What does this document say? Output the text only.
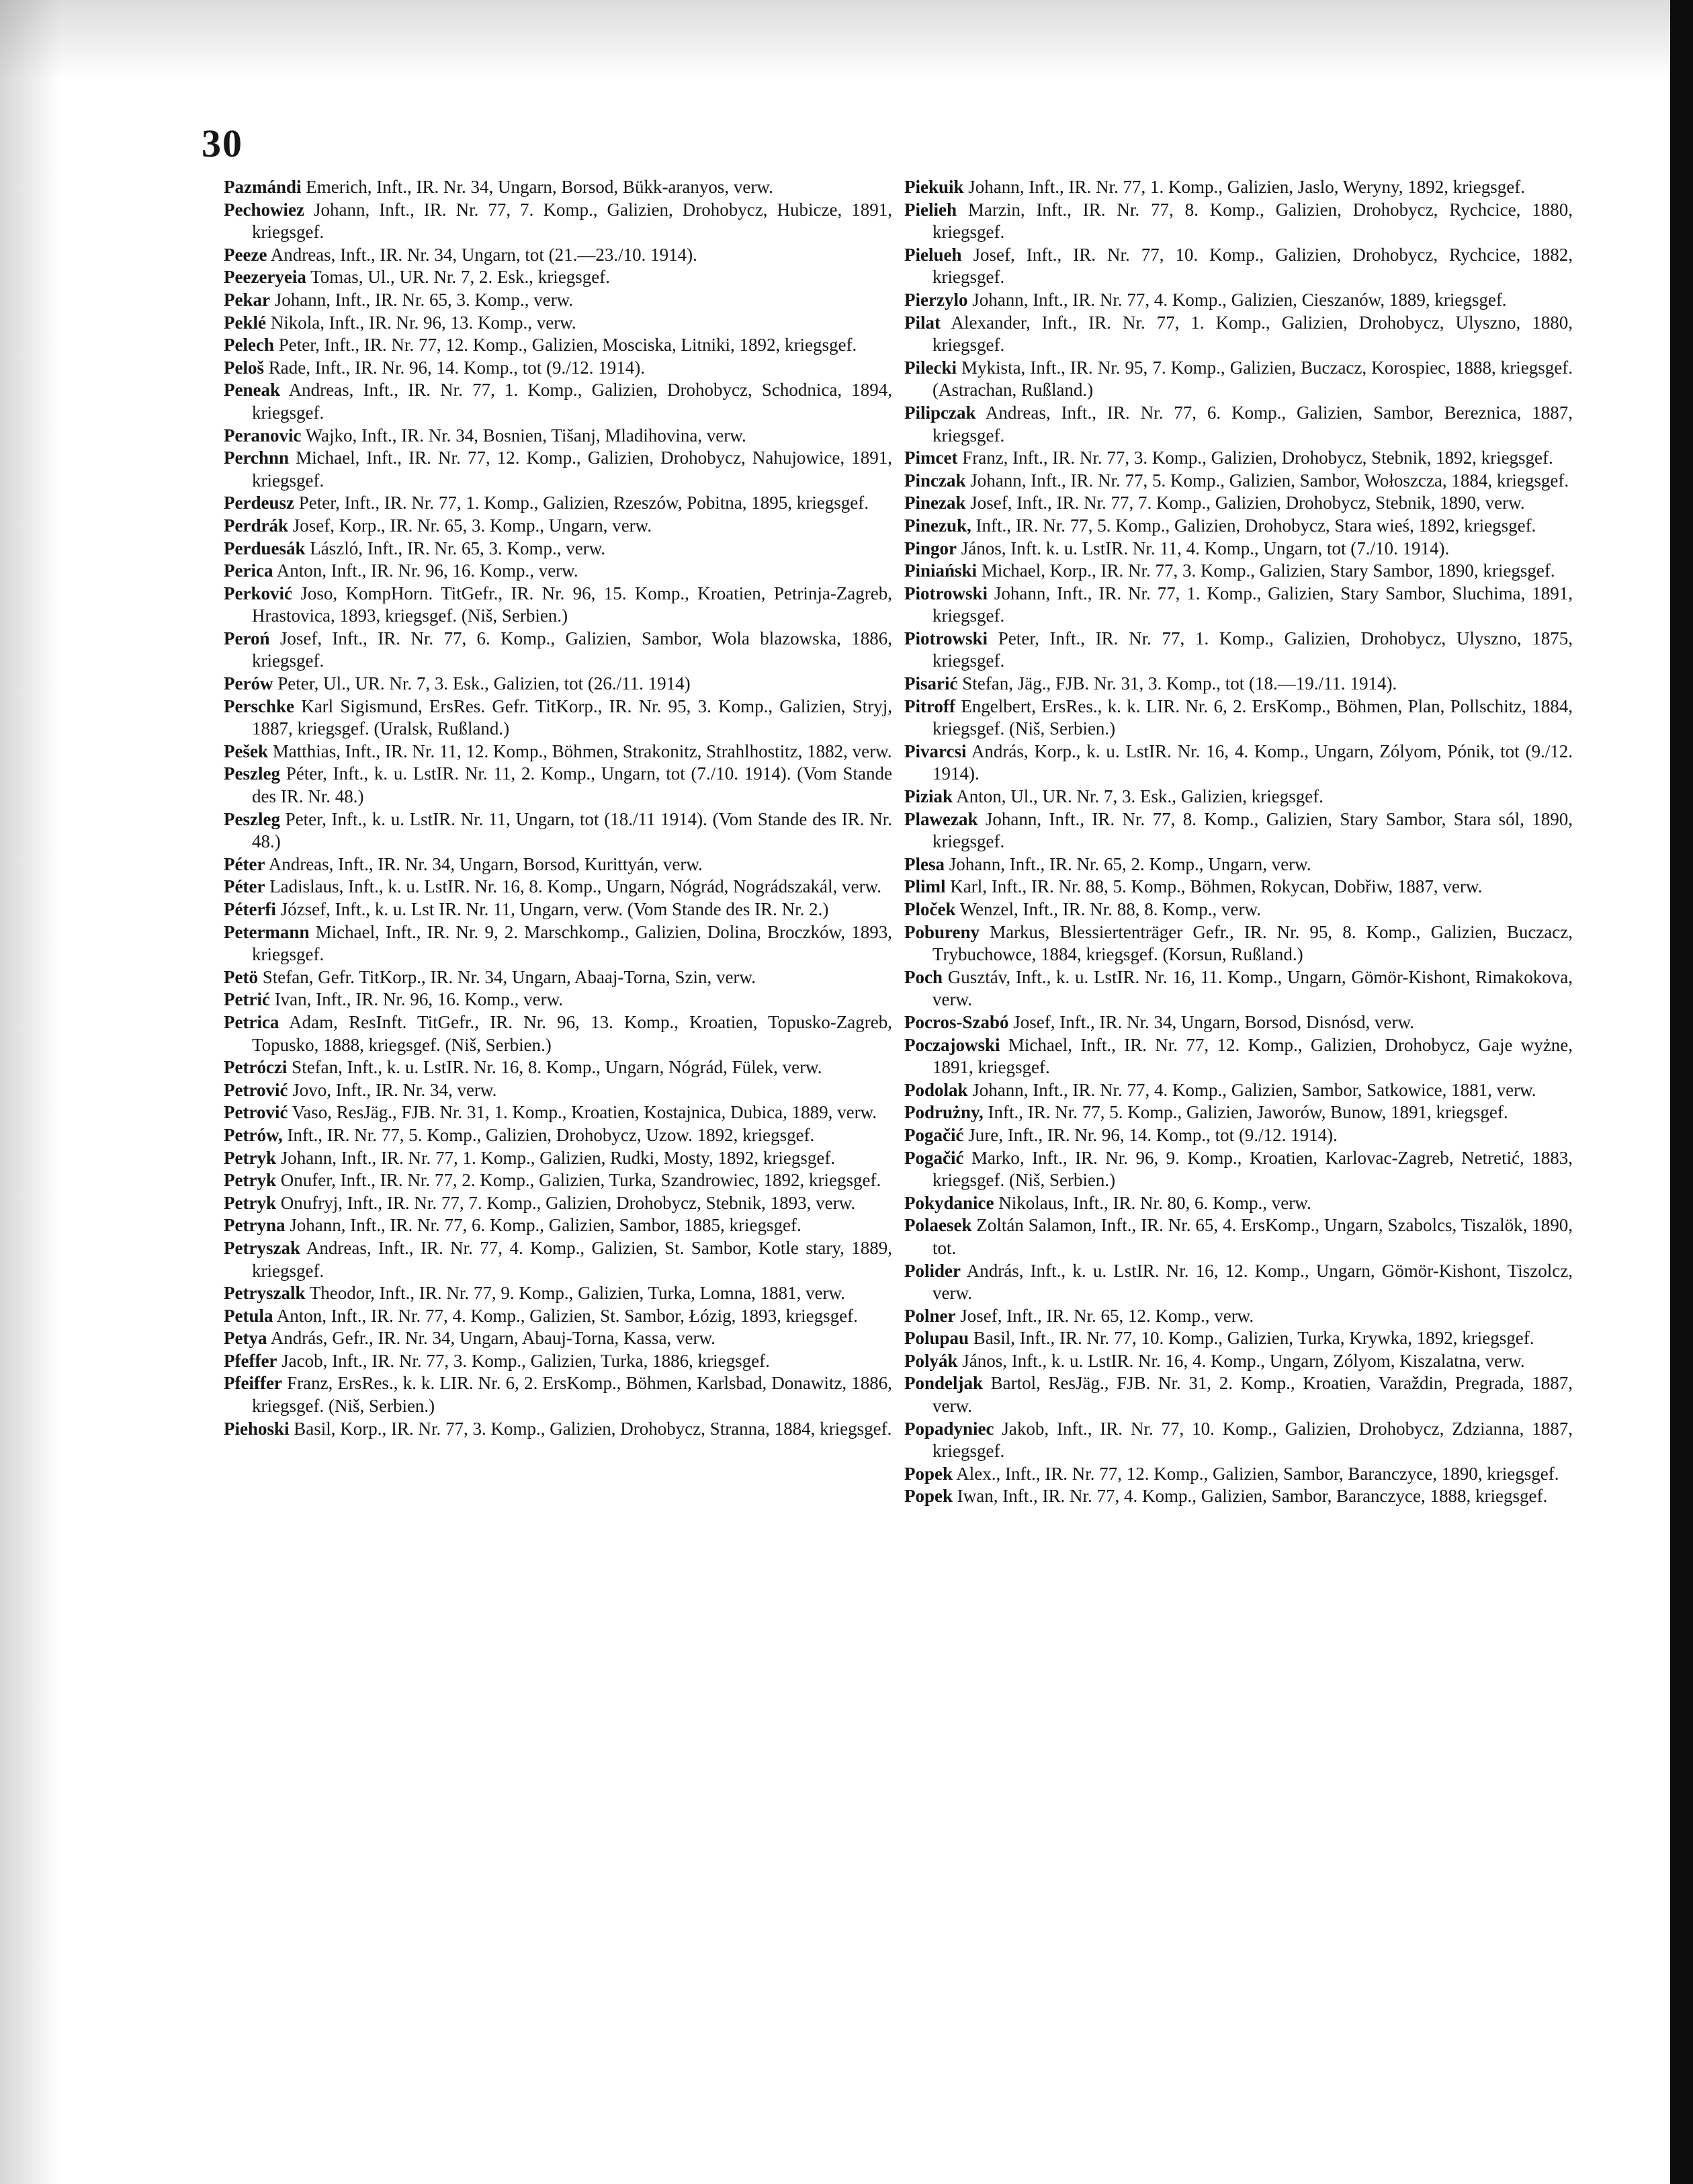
30

Pazmándi Emerich, Inft., IR. Nr. 34, Ungarn, Borsod, Bükk-aranyos, verw.

Pechowiez Johann, Inft., IR. Nr. 77, 7. Komp., Galizien, Drohobycz, Hubicze, 1891, kriegsgef.

Peeze Andreas, Inft., IR. Nr. 34, Ungarn, tot (21.—23./10. 1914).

Peezeryeia Tomas, Ul., UR. Nr. 7, 2. Esk., kriegsgef.

Pekar Johann, Inft., IR. Nr. 65, 3. Komp., verw.

Peklé Nikola, Inft., IR. Nr. 96, 13. Komp., verw.

Pelech Peter, Inft., IR. Nr. 77, 12. Komp., Galizien, Mosciska, Litniki, 1892, kriegsgef.

Peloš Rade, Inft., IR. Nr. 96, 14. Komp., tot (9./12. 1914).

Peneak Andreas, Inft., IR. Nr. 77, 1. Komp., Galizien, Drohobycz, Schodnica, 1894, kriegsgef.

Peranovic Wajko, Inft., IR. Nr. 34, Bosnien, Tišanj, Mladihovina, verw.

Perchnn Michael, Inft., IR. Nr. 77, 12. Komp., Galizien, Drohobycz, Nahujowice, 1891, kriegsgef.

Perdeusz Peter, Inft., IR. Nr. 77, 1. Komp., Galizien, Rzeszów, Pobitna, 1895, kriegsgef.

Perdrák Josef, Korp., IR. Nr. 65, 3. Komp., Ungarn, verw.

Perduesák László, Inft., IR. Nr. 65, 3. Komp., verw.

Perica Anton, Inft., IR. Nr. 96, 16. Komp., verw.

Perković Joso, KompHorn. TitGefr., IR. Nr. 96, 15. Komp., Kroatien, Petrinja-Zagreb, Hrastovica, 1893, kriegsgef. (Niš, Serbien.)

Peroń Josef, Inft., IR. Nr. 77, 6. Komp., Galizien, Sambor, Wola blazowska, 1886, kriegsgef.

Perów Peter, Ul., UR. Nr. 7, 3. Esk., Galizien, tot (26./11. 1914)

Perschke Karl Sigismund, ErsRes. Gefr. TitKorp., IR. Nr. 95, 3. Komp., Galizien, Stryj, 1887, kriegsgef. (Uralsk, Rußland.)

Pešek Matthias, Inft., IR. Nr. 11, 12. Komp., Böhmen, Strakonitz, Strahlhostitz, 1882, verw.

Peszleg Péter, Inft., k. u. LstIR. Nr. 11, 2. Komp., Ungarn, tot (7./10. 1914). (Vom Stande des IR. Nr. 48.)

Peszleg Peter, Inft., k. u. LstIR. Nr. 11, Ungarn, tot (18./11 1914). (Vom Stande des IR. Nr. 48.)

Péter Andreas, Inft., IR. Nr. 34, Ungarn, Borsod, Kurittyán, verw.

Péter Ladislaus, Inft., k. u. LstIR. Nr. 16, 8. Komp., Ungarn, Nógrád, Nográdszakál, verw.

Péterfi József, Inft., k. u. Lst IR. Nr. 11, Ungarn, verw. (Vom Stande des IR. Nr. 2.)

Petermann Michael, Inft., IR. Nr. 9, 2. Marschkomp., Galizien, Dolina, Broczków, 1893, kriegsgef.

Petö Stefan, Gefr. TitKorp., IR. Nr. 34, Ungarn, Abaaj-Torna, Szin, verw.

Petrić Ivan, Inft., IR. Nr. 96, 16. Komp., verw.

Petrica Adam, ResInft. TitGefr., IR. Nr. 96, 13. Komp., Kroatien, Topusko-Zagreb, Topusko, 1888, kriegsgef. (Niš, Serbien.)

Petróczi Stefan, Inft., k. u. LstIR. Nr. 16, 8. Komp., Ungarn, Nógrád, Fülek, verw.

Petrović Jovo, Inft., IR. Nr. 34, verw.

Petrović Vaso, ResJäg., FJB. Nr. 31, 1. Komp., Kroatien, Kostajnica, Dubica, 1889, verw.

Petrów, Inft., IR. Nr. 77, 5. Komp., Galizien, Drohobycz, Uzow. 1892, kriegsgef.

Petryk Johann, Inft., IR. Nr. 77, 1. Komp., Galizien, Rudki, Mosty, 1892, kriegsgef.

Petryk Onufer, Inft., IR. Nr. 77, 2. Komp., Galizien, Turka, Szandrowiec, 1892, kriegsgef.

Petryk Onufryj, Inft., IR. Nr. 77, 7. Komp., Galizien, Drohobycz, Stebnik, 1893, verw.

Petryna Johann, Inft., IR. Nr. 77, 6. Komp., Galizien, Sambor, 1885, kriegsgef.

Petryszak Andreas, Inft., IR. Nr. 77, 4. Komp., Galizien, St. Sambor, Kotle stary, 1889, kriegsgef.

Petryszalk Theodor, Inft., IR. Nr. 77, 9. Komp., Galizien, Turka, Lomna, 1881, verw.

Petula Anton, Inft., IR. Nr. 77, 4. Komp., Galizien, St. Sambor, Łózig, 1893, kriegsgef.

Petya András, Gefr., IR. Nr. 34, Ungarn, Abauj-Torna, Kassa, verw.

Pfeffer Jacob, Inft., IR. Nr. 77, 3. Komp., Galizien, Turka, 1886, kriegsgef.

Pfeiffer Franz, ErsRes., k. k. LIR. Nr. 6, 2. ErsKomp., Böhmen, Karlsbad, Donawitz, 1886, kriegsgef. (Niš, Serbien.)

Piehoski Basil, Korp., IR. Nr. 77, 3. Komp., Galizien, Drohobycz, Stranna, 1884, kriegsgef.

Piekuik Johann, Inft., IR. Nr. 77, 1. Komp., Galizien, Jaslo, Weryny, 1892, kriegsgef.

Pielieh Marzin, Inft., IR. Nr. 77, 8. Komp., Galizien, Drohobycz, Rychcice, 1880, kriegsgef.

Pielueh Josef, Inft., IR. Nr. 77, 10. Komp., Galizien, Drohobycz, Rychcice, 1882, kriegsgef.

Pierzylo Johann, Inft., IR. Nr. 77, 4. Komp., Galizien, Cieszanów, 1889, kriegsgef.

Pilat Alexander, Inft., IR. Nr. 77, 1. Komp., Galizien, Drohobycz, Ulyszno, 1880, kriegsgef.

Pilecki Mykista, Inft., IR. Nr. 95, 7. Komp., Galizien, Buczacz, Korospiec, 1888, kriegsgef. (Astrachan, Rußland.)

Pilipczak Andreas, Inft., IR. Nr. 77, 6. Komp., Galizien, Sambor, Bereznica, 1887, kriegsgef.

Pimcet Franz, Inft., IR. Nr. 77, 3. Komp., Galizien, Drohobycz, Stebnik, 1892, kriegsgef.

Pinczak Johann, Inft., IR. Nr. 77, 5. Komp., Galizien, Sambor, Wołoszcza, 1884, kriegsgef.

Pinezak Josef, Inft., IR. Nr. 77, 7. Komp., Galizien, Drohobycz, Stebnik, 1890, verw.

Pinezuk, Inft., IR. Nr. 77, 5. Komp., Galizien, Drohobycz, Stara wieś, 1892, kriegsgef.

Pingor János, Inft. k. u. LstIR. Nr. 11, 4. Komp., Ungarn, tot (7./10. 1914).

Piniański Michael, Korp., IR. Nr. 77, 3. Komp., Galizien, Stary Sambor, 1890, kriegsgef.

Piotrowski Johann, Inft., IR. Nr. 77, 1. Komp., Galizien, Stary Sambor, Sluchima, 1891, kriegsgef.

Piotrowski Peter, Inft., IR. Nr. 77, 1. Komp., Galizien, Drohobycz, Ulyszno, 1875, kriegsgef.

Pisarić Stefan, Jäg., FJB. Nr. 31, 3. Komp., tot (18.—19./11. 1914).

Pitroff Engelbert, ErsRes., k. k. LIR. Nr. 6, 2. ErsKomp., Böhmen, Plan, Pollschitz, 1884, kriegsgef. (Niš, Serbien.)

Pivarcsi András, Korp., k. u. LstIR. Nr. 16, 4. Komp., Ungarn, Zólyom, Pónik, tot (9./12. 1914).

Piziak Anton, Ul., UR. Nr. 7, 3. Esk., Galizien, kriegsgef.

Plawezak Johann, Inft., IR. Nr. 77, 8. Komp., Galizien, Stary Sambor, Stara sól, 1890, kriegsgef.

Plesa Johann, Inft., IR. Nr. 65, 2. Komp., Ungarn, verw.

Pliml Karl, Inft., IR. Nr. 88, 5. Komp., Böhmen, Rokycan, Dobřiw, 1887, verw.

Ploček Wenzel, Inft., IR. Nr. 88, 8. Komp., verw.

Pobureny Markus, Blessiertenträger Gefr., IR. Nr. 95, 8. Komp., Galizien, Buczacz, Trybuchowce, 1884, kriegsgef. (Korsun, Rußland.)

Poch Gusztáv, Inft., k. u. LstIR. Nr. 16, 11. Komp., Ungarn, Gömör-Kishont, Rimakokova, verw.

Pocros-Szabó Josef, Inft., IR. Nr. 34, Ungarn, Borsod, Disnósd, verw.

Poczajowski Michael, Inft., IR. Nr. 77, 12. Komp., Galizien, Drohobycz, Gaje wyżne, 1891, kriegsgef.

Podolak Johann, Inft., IR. Nr. 77, 4. Komp., Galizien, Sambor, Satkowice, 1881, verw.

Podrużny, Inft., IR. Nr. 77, 5. Komp., Galizien, Jaworów, Bunow, 1891, kriegsgef.

Pogačić Jure, Inft., IR. Nr. 96, 14. Komp., tot (9./12. 1914).

Pogačić Marko, Inft., IR. Nr. 96, 9. Komp., Kroatien, Karlovac-Zagreb, Netretić, 1883, kriegsgef. (Niš, Serbien.)

Pokydanice Nikolaus, Inft., IR. Nr. 80, 6. Komp., verw.

Polaesek Zoltán Salamon, Inft., IR. Nr. 65, 4. ErsKomp., Ungarn, Szabolcs, Tiszalök, 1890, tot.

Polider András, Inft., k. u. LstIR. Nr. 16, 12. Komp., Ungarn, Gömör-Kishont, Tiszolcz, verw.

Polner Josef, Inft., IR. Nr. 65, 12. Komp., verw.

Polupau Basil, Inft., IR. Nr. 77, 10. Komp., Galizien, Turka, Krywka, 1892, kriegsgef.

Polyák János, Inft., k. u. LstIR. Nr. 16, 4. Komp., Ungarn, Zólyom, Kiszalatna, verw.

Pondeljak Bartol, ResJäg., FJB. Nr. 31, 2. Komp., Kroatien, Varaždin, Pregrada, 1887, verw.

Popadyniec Jakob, Inft., IR. Nr. 77, 10. Komp., Galizien, Drohobycz, Zdzianna, 1887, kriegsgef.

Popek Alex., Inft., IR. Nr. 77, 12. Komp., Galizien, Sambor, Baranczyce, 1890, kriegsgef.

Popek Iwan, Inft., IR. Nr. 77, 4. Komp., Galizien, Sambor, Baranczyce, 1888, kriegsgef.
